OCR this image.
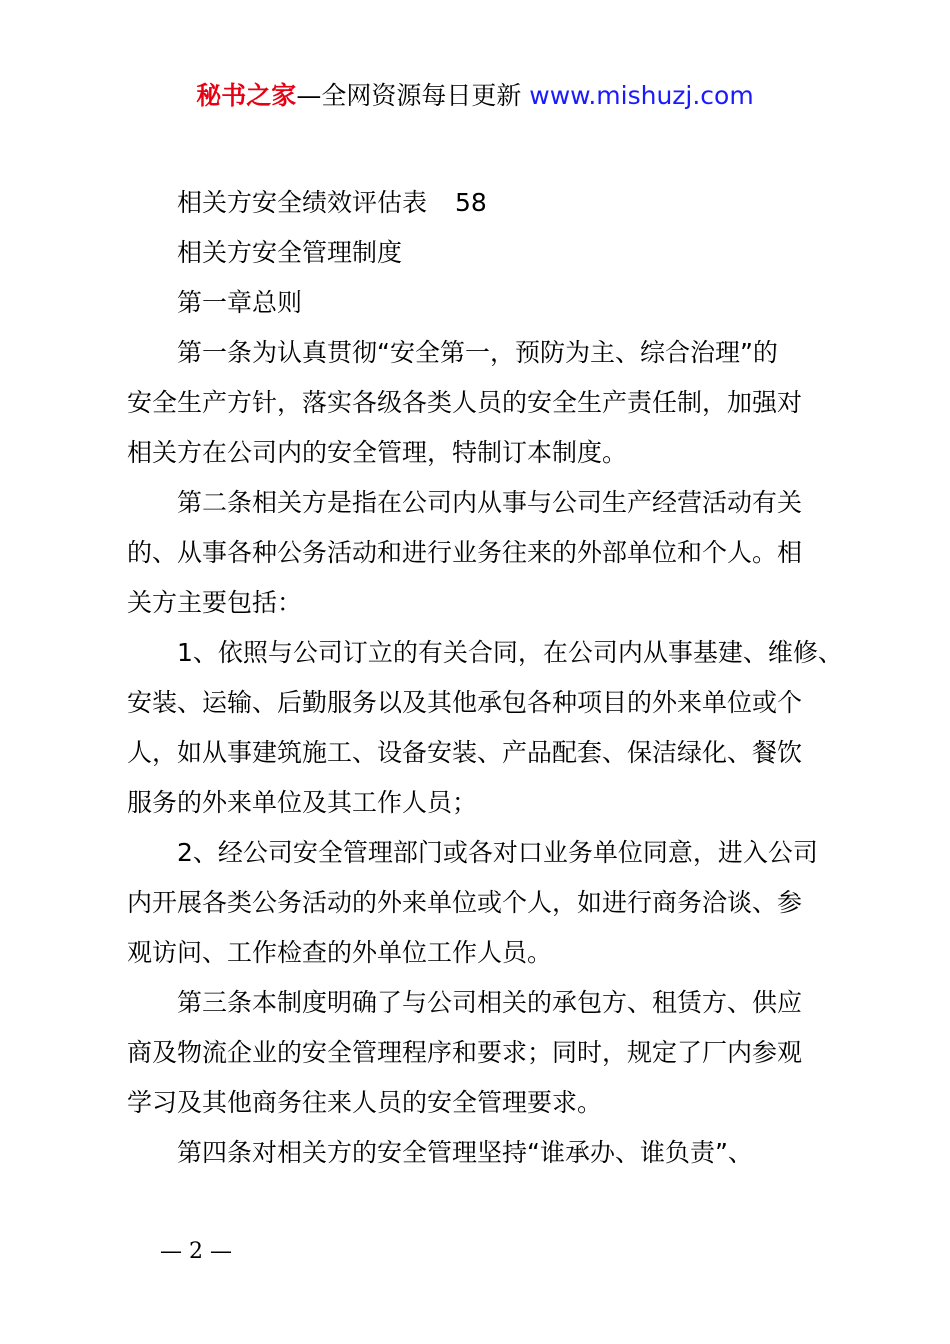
秘书之家—全网资源每日更新 www.mishuzj.com
相关方安全绩效评估表 58
相关方安全管理制度
第一章总则
第一条为认真贯彻“安全第一，预防为主、综合治理”的
安全生产方针，落实各级各类人员的安全生产责任制，加强对
相关方在公司内的安全管理，特制订本制度。
第二条相关方是指在公司内从事与公司生产经营活动有关
的、从事各种公务活动和进行业务往来的外部单位和个人。相
关方主要包括：
1、依照与公司订立的有关合同，在公司内从事基建、维修、
安装、运输、后勤服务以及其他承包各种项目的外来单位或个
人，如从事建筑施工、设备安装、产品配套、保洁绿化、餐饮
服务的外来单位及其工作人员；
2、经公司安全管理部门或各对口业务单位同意，进入公司
内开展各类公务活动的外来单位或个人，如进行商务洽谈、参
观访问、工作检查的外单位工作人员。
第三条本制度明确了与公司相关的承包方、租赁方、供应
商及物流企业的安全管理程序和要求；同时，规定了厂内参观
学习及其他商务往来人员的安全管理要求。
第四条对相关方的安全管理坚持“谁承办、谁负责”、
— 2 —
